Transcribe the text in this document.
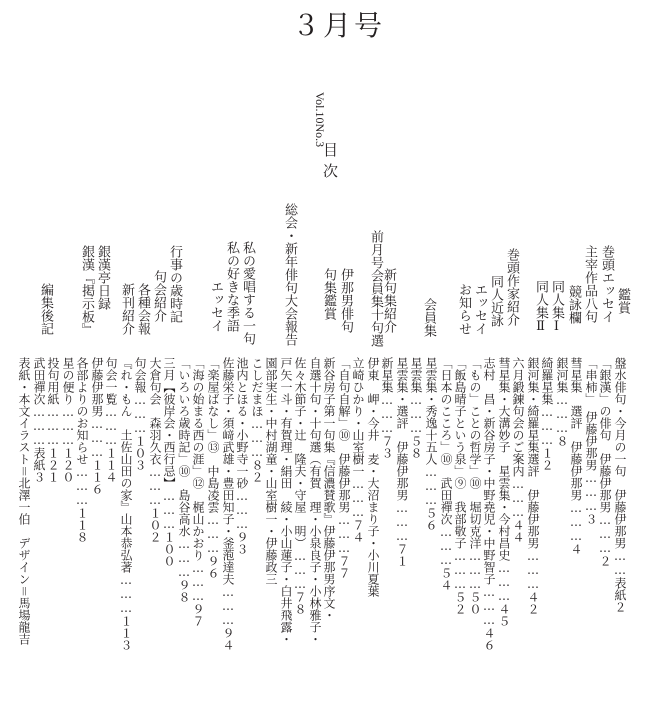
３月号
Vol.10No.3
目次
鑑賞
巻頭エッセイ
主宰作品八句
競詠欄
同人集Ⅰ
同人集Ⅱ
巻頭作家紹介
同人近詠
エッセイ
お知らせ
会員集
前月号会員集十句選
新句集紹介
伊那男俳句
句集鑑賞
総会・新年俳句大会報告
私の愛唱する一句
私の好きな季語
エッセイ
行事の歳時記
句会紹介
各種会報
新刊紹介
銀漢亭日録
銀漢『掲示板』
編集後記
盤水俳句・今月の一句　伊藤伊那男……表紙２
「銀漢」の俳句　伊藤伊那男………２
「串柿」　伊藤伊那男………３
彗星集　選評　伊藤伊那男………４
銀河集………８
綺羅星集………１２
銀河集・綺羅星集選評　伊藤伊那男………４２
六月鍛錬句会のご案内………４４
彗星集・大溝妙子　星雲集・今村昌史………４５
志村　昌・新谷房子・中野堯児・中野智子………４６
「もの」ことの哲学」⑩　堀切克洋………５０
「飯島晴子という泉」⑨　我部敬子………５２
「日本のこころ」⑩　武田禪次………５４
星雲集・秀逸十五人………５６
星雲集………５８
星雲集・選評　伊藤伊那男………７１
新星集………７３
伊東　岬・今井　麦・大沼まり子・小川夏葉
立崎ひかり・山室樹一………７４
「自句自解」⑩　伊藤伊那男………７７
新谷房子第一句集『信濃賛歌』伊藤伊那男序文・
自選十句・十句選（有賀　理・小泉良子・小林雅子・
佐々木節子・辻　隆夫・守屋　明）………７８
戸矢一斗・有賀理・絹田　綾・小山蓮子・白井飛露・
園部実生・中村湖童・山室樹一・伊藤政三
こしだまほ………８２
池内とほる・小野寺一砂………９３
佐藤栄子・須﨑武雄・豊田知子・釜萢達夫………９４
「楽屋ばなし」⑬　中島凌雲………９６
「海の始まる西の涯」⑫　梶山かおり………９７
「いろいろ歳時記」⑩　島谷高水………９８
三月【彼岸会・西行忌】………１００
大倉句会　森羽久衣………１０２
句会報………１０３
『れ・もん　土佐山田の家』山本恭弘著………１１３
句会一覧………１１４
伊藤伊那男………１１６
各部よりのお知らせ………１１８
星の便り………１２０
投句用紙………１２１
武田禪次………表紙３
表紙・本文イラスト＝北澤一伯　デザイン＝馬場龍吉
